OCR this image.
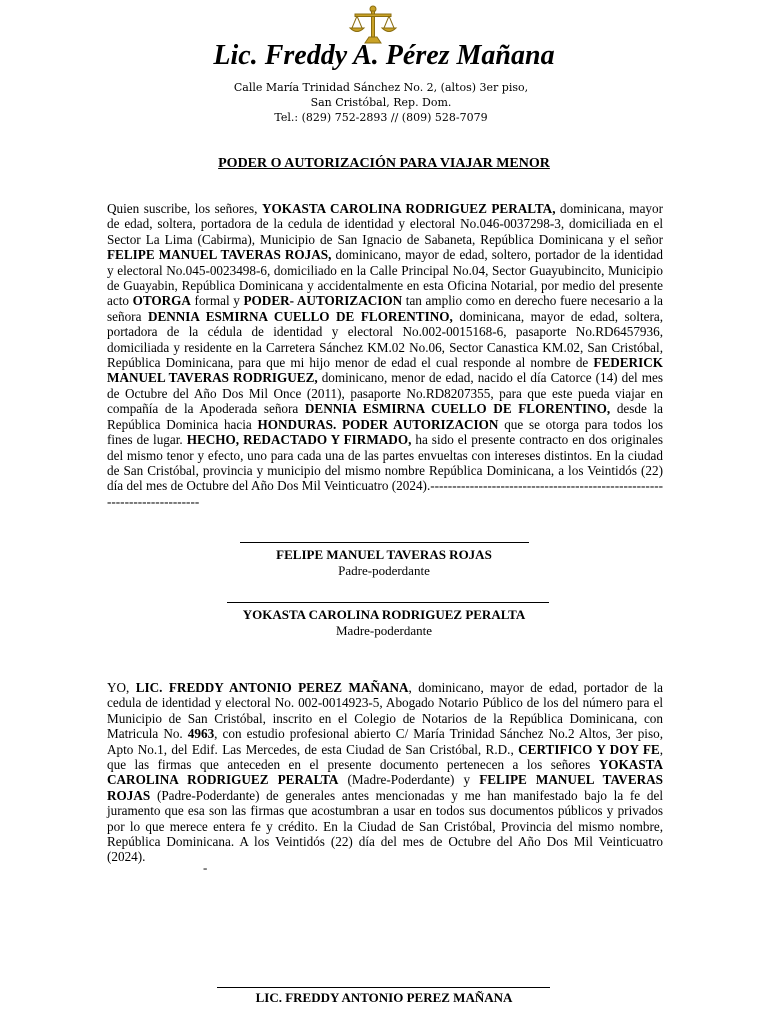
Lic. Freddy A. Pérez Mañana
Calle María Trinidad Sánchez No. 2, (altos) 3er piso,
San Cristóbal, Rep. Dom.
Tel.: (829) 752-2893 // (809) 528-7079
PODER O AUTORIZACIÓN PARA VIAJAR MENOR

Quien suscribe, los señores, YOKASTA CAROLINA RODRIGUEZ PERALTA, dominicana, mayor de edad, soltera, portadora de la cedula de identidad y electoral No.046-0037298-3, domiciliada en el Sector La Lima (Cabirma), Municipio de San Ignacio de Sabaneta, República Dominicana y el señor FELIPE MANUEL TAVERAS ROJAS, dominicano, mayor de edad, soltero, portador de la identidad y electoral No.045-0023498-6, domiciliado en la Calle Principal No.04, Sector Guayubincito, Municipio de Guayabin, República Dominicana y accidentalmente en esta Oficina Notarial, por medio del presente acto OTORGA formal y PODER- AUTORIZACION tan amplio como en derecho fuere necesario a la señora DENNIA ESMIRNA CUELLO DE FLORENTINO, dominicana, mayor de edad, soltera, portadora de la cédula de identidad y electoral No.002-0015168-6, pasaporte No.RD6457936, domiciliada y residente en la Carretera Sánchez KM.02 No.06, Sector Canastica KM.02, San Cristóbal, República Dominicana, para que mi hijo menor de edad el cual responde al nombre de FEDERICK MANUEL TAVERAS RODRIGUEZ, dominicano, menor de edad, nacido el día Catorce (14) del mes de Octubre del Año Dos Mil Once (2011), pasaporte No.RD8207355, para que este pueda viajar en compañía de la Apoderada señora DENNIA ESMIRNA CUELLO DE FLORENTINO, desde la República Dominica hacia HONDURAS. PODER AUTORIZACION que se otorga para todos los fines de lugar. HECHO, REDACTADO Y FIRMADO, ha sido el presente contracto en dos originales del mismo tenor y efecto, uno para cada una de las partes envueltas con intereses distintos. En la ciudad de San Cristóbal, provincia y municipio del mismo nombre República Dominicana, a los Veintidós (22) día del mes de Octubre del Año Dos Mil Veinticuatro (2024).--------------------------------------------------------------------------

FELIPE MANUEL TAVERAS ROJAS
Padre-poderdante
YOKASTA CAROLINA RODRIGUEZ PERALTA
Madre-poderdante

YO, LIC. FREDDY ANTONIO PEREZ MAÑANA, dominicano, mayor de edad, portador de la cedula de identidad y electoral No. 002-0014923-5, Abogado Notario Público de los del número para el Municipio de San Cristóbal, inscrito en el Colegio de Notarios de la República Dominicana, con Matricula No. 4963, con estudio profesional abierto C/ María Trinidad Sánchez No.2 Altos, 3er piso, Apto No.1, del Edif. Las Mercedes, de esta Ciudad de San Cristóbal, R.D., CERTIFICO Y DOY FE, que las firmas que anteceden en el presente documento pertenecen a los señores YOKASTA CAROLINA RODRIGUEZ PERALTA (Madre-Poderdante) y FELIPE MANUEL TAVERAS ROJAS (Padre-Poderdante) de generales antes mencionadas y me han manifestado bajo la fe del juramento que esa son las firmas que acostumbran a usar en todos sus documentos públicos y privados por lo que merece entera fe y crédito. En la Ciudad de San Cristóbal, Provincia del mismo nombre, República Dominicana. A los Veintidós (22) día del mes de Octubre del Año Dos Mil Veinticuatro (2024).

-
LIC. FREDDY ANTONIO PEREZ MAÑANA
